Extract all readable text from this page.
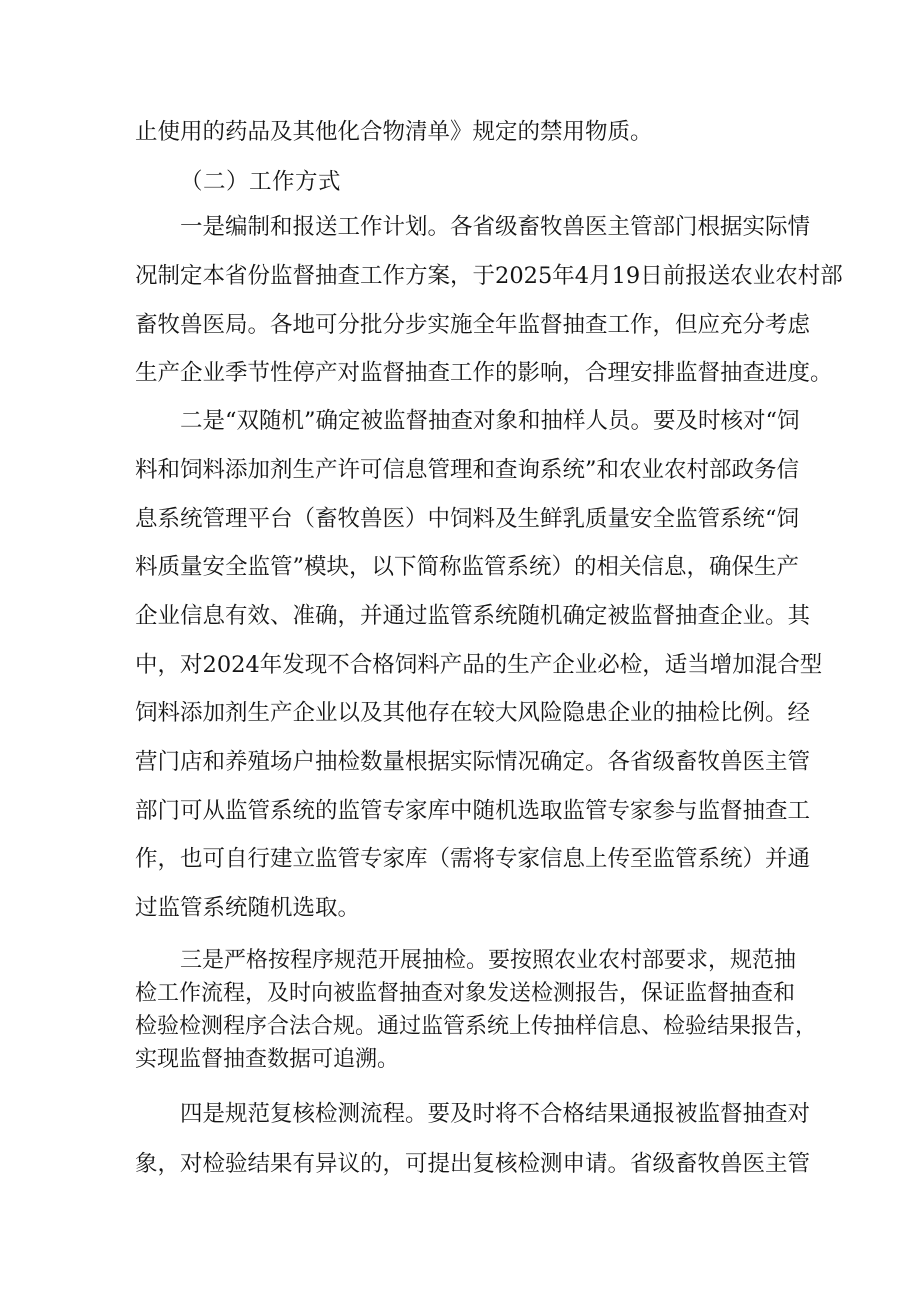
止使用的药品及其他化合物清单》规定的禁用物质。
（二）工作方式
一是编制和报送工作计划。各省级畜牧兽医主管部门根据实际情
况制定本省份监督抽查工作方案，于2025年4月19日前报送农业农村部
畜牧兽医局。各地可分批分步实施全年监督抽查工作，但应充分考虑
生产企业季节性停产对监督抽查工作的影响，合理安排监督抽查进度。
二是“双随机”确定被监督抽查对象和抽样人员。要及时核对“饲
料和饲料添加剂生产许可信息管理和查询系统”和农业农村部政务信
息系统管理平台（畜牧兽医）中饲料及生鲜乳质量安全监管系统“饲
料质量安全监管”模块，以下简称监管系统）的相关信息，确保生产
企业信息有效、准确，并通过监管系统随机确定被监督抽查企业。其
中，对2024年发现不合格饲料产品的生产企业必检，适当增加混合型
饲料添加剂生产企业以及其他存在较大风险隐患企业的抽检比例。经
营门店和养殖场户抽检数量根据实际情况确定。各省级畜牧兽医主管
部门可从监管系统的监管专家库中随机选取监管专家参与监督抽查工
作，也可自行建立监管专家库（需将专家信息上传至监管系统）并通
过监管系统随机选取。
三是严格按程序规范开展抽检。要按照农业农村部要求，规范抽
检工作流程，及时向被监督抽查对象发送检测报告，保证监督抽查和
检验检测程序合法合规。通过监管系统上传抽样信息、检验结果报告，
实现监督抽查数据可追溯。
四是规范复核检测流程。要及时将不合格结果通报被监督抽查对
象，对检验结果有异议的，可提出复核检测申请。省级畜牧兽医主管
